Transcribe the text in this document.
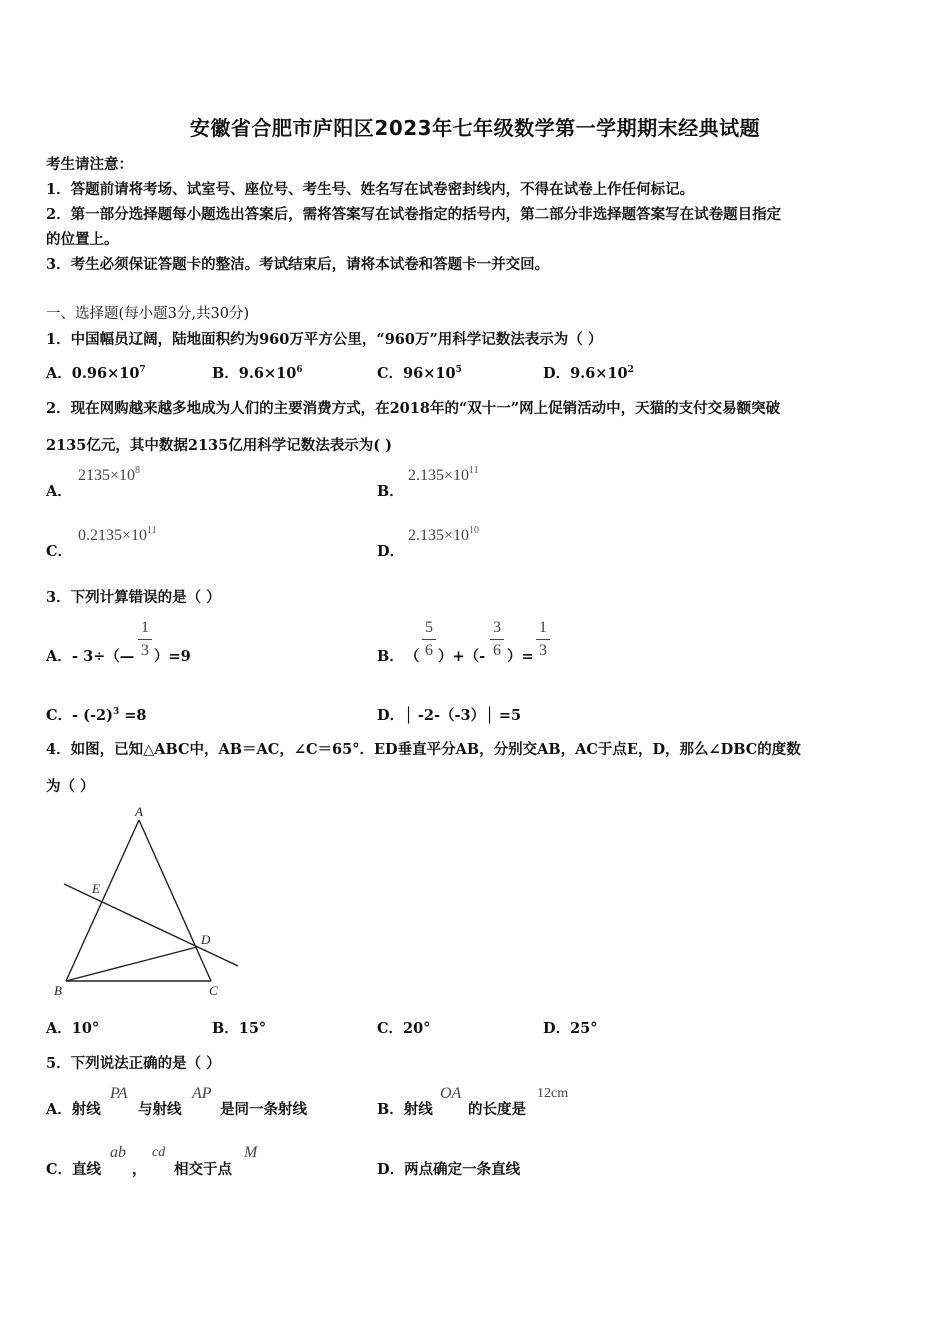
安徽省合肥市庐阳区2023年七年级数学第一学期期末经典试题
考生请注意：
1．答题前请将考场、试室号、座位号、考生号、姓名写在试卷密封线内，不得在试卷上作任何标记。
2．第一部分选择题每小题选出答案后，需将答案写在试卷指定的括号内，第二部分非选择题答案写在试卷题目指定
的位置上。
3．考生必须保证答题卡的整洁。考试结束后，请将本试卷和答题卡一并交回。
一、选择题(每小题3分,共30分)
1．中国幅员辽阔，陆地面积约为960万平方公里，“960万”用科学记数法表示为（ ）
A．$0.96\times 10^7$	B．$9.6\times 10^6$	C．$96\times 10^5$	D．$9.6\times 10^2$
2．现在网购越来越多地成为人们的主要消费方式，在2018年的“双十一”网上促销活动中，天猫的支付交易额突破
2135亿元，其中数据2135亿用科学记数法表示为( )
A．
$2135\times 10^8$
B．
$2.135\times 10^{11}$
C．
$0.2135\times 10^{11}$
D．
$2.135\times 10^{10}$
3．下列计算错误的是（ ）
A． - 3÷（—
1
3 ）=9	B． （
5
6 ）+（-
3
6 ）=
1
3
C．- $(-2)^3 =8$	D．│ -2-（-3）│ =5
4．如图，已知△ABC中，AB＝AC，∠C＝65°．ED垂直平分AB，分别交AB，AC于点E，D，那么∠DBC的度数
为（ ）
A
E
D
B	C
A．10°	B．15°	C．20°	D．25°
5．下列说法正确的是（ ）
A．射线
PA
与射线
AP
是同一条射线	B．射线
OA
的长度是
12cm
C．直线
ab
，
cd
相交于点
M
D．两点确定一条直线
